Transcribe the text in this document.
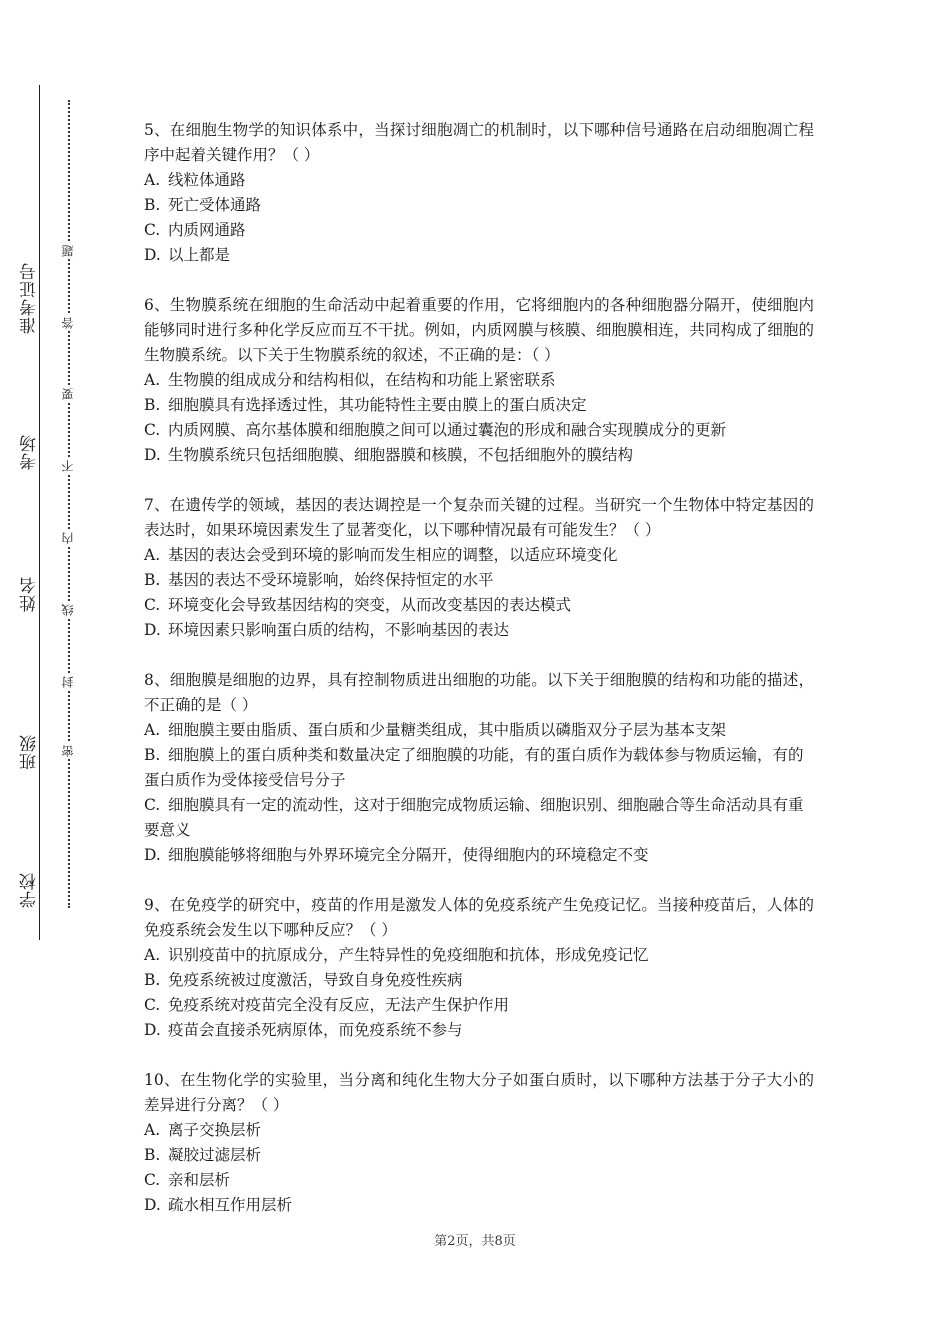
学校
班级
姓名
考场
准考证号
密
封
线
内
不
要
答
题

5、在细胞生物学的知识体系中，当探讨细胞凋亡的机制时，以下哪种信号通路在启动细胞凋亡程序中起着关键作用？（ ）

A. 线粒体通路

B. 死亡受体通路

C. 内质网通路

D. 以上都是

6、生物膜系统在细胞的生命活动中起着重要的作用，它将细胞内的各种细胞器分隔开，使细胞内能够同时进行多种化学反应而互不干扰。例如，内质网膜与核膜、细胞膜相连，共同构成了细胞的生物膜系统。以下关于生物膜系统的叙述，不正确的是：（ ）

A. 生物膜的组成成分和结构相似，在结构和功能上紧密联系

B. 细胞膜具有选择透过性，其功能特性主要由膜上的蛋白质决定

C. 内质网膜、高尔基体膜和细胞膜之间可以通过囊泡的形成和融合实现膜成分的更新

D. 生物膜系统只包括细胞膜、细胞器膜和核膜，不包括细胞外的膜结构

7、在遗传学的领域，基因的表达调控是一个复杂而关键的过程。当研究一个生物体中特定基因的表达时，如果环境因素发生了显著变化，以下哪种情况最有可能发生？（ ）

A. 基因的表达会受到环境的影响而发生相应的调整，以适应环境变化

B. 基因的表达不受环境影响，始终保持恒定的水平

C. 环境变化会导致基因结构的突变，从而改变基因的表达模式

D. 环境因素只影响蛋白质的结构，不影响基因的表达

8、细胞膜是细胞的边界，具有控制物质进出细胞的功能。以下关于细胞膜的结构和功能的描述，不正确的是（ ）

A. 细胞膜主要由脂质、蛋白质和少量糖类组成，其中脂质以磷脂双分子层为基本支架

B. 细胞膜上的蛋白质种类和数量决定了细胞膜的功能，有的蛋白质作为载体参与物质运输，有的蛋白质作为受体接受信号分子

C. 细胞膜具有一定的流动性，这对于细胞完成物质运输、细胞识别、细胞融合等生命活动具有重要意义

D. 细胞膜能够将细胞与外界环境完全分隔开，使得细胞内的环境稳定不变

9、在免疫学的研究中，疫苗的作用是激发人体的免疫系统产生免疫记忆。当接种疫苗后，人体的免疫系统会发生以下哪种反应？（ ）

A. 识别疫苗中的抗原成分，产生特异性的免疫细胞和抗体，形成免疫记忆

B. 免疫系统被过度激活，导致自身免疫性疾病

C. 免疫系统对疫苗完全没有反应，无法产生保护作用

D. 疫苗会直接杀死病原体，而免疫系统不参与

10、在生物化学的实验里，当分离和纯化生物大分子如蛋白质时，以下哪种方法基于分子大小的差异进行分离？（ ）

A. 离子交换层析

B. 凝胶过滤层析

C. 亲和层析

D. 疏水相互作用层析

第2页，共8页
